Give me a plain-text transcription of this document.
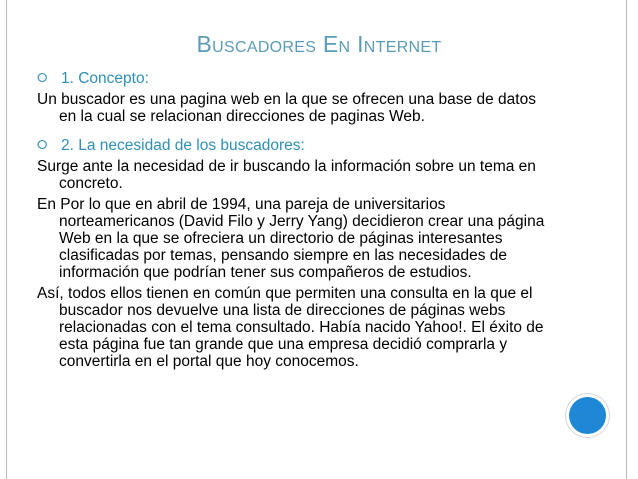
Buscadores En Internet
⭘ 1. Concepto:
Un buscador es una pagina web en la que se ofrecen una base de datos en la cual se relacionan direcciones de paginas Web.
⭘ 2. La necesidad de los buscadores:
Surge ante la necesidad de ir buscando la información sobre un tema en concreto.
En Por lo que en abril de 1994, una pareja de universitarios norteamericanos (David Filo y Jerry Yang) decidieron crear una página Web en la que se ofreciera un directorio de páginas interesantes clasificadas por temas, pensando siempre en las necesidades de información que podrían tener sus compañeros de estudios.
Así, todos ellos tienen en común que permiten una consulta en la que el buscador nos devuelve una lista de direcciones de páginas webs relacionadas con el tema consultado. Había nacido Yahoo!. El éxito de esta página fue tan grande que una empresa decidió comprarla y convertirla en el portal que hoy conocemos.
